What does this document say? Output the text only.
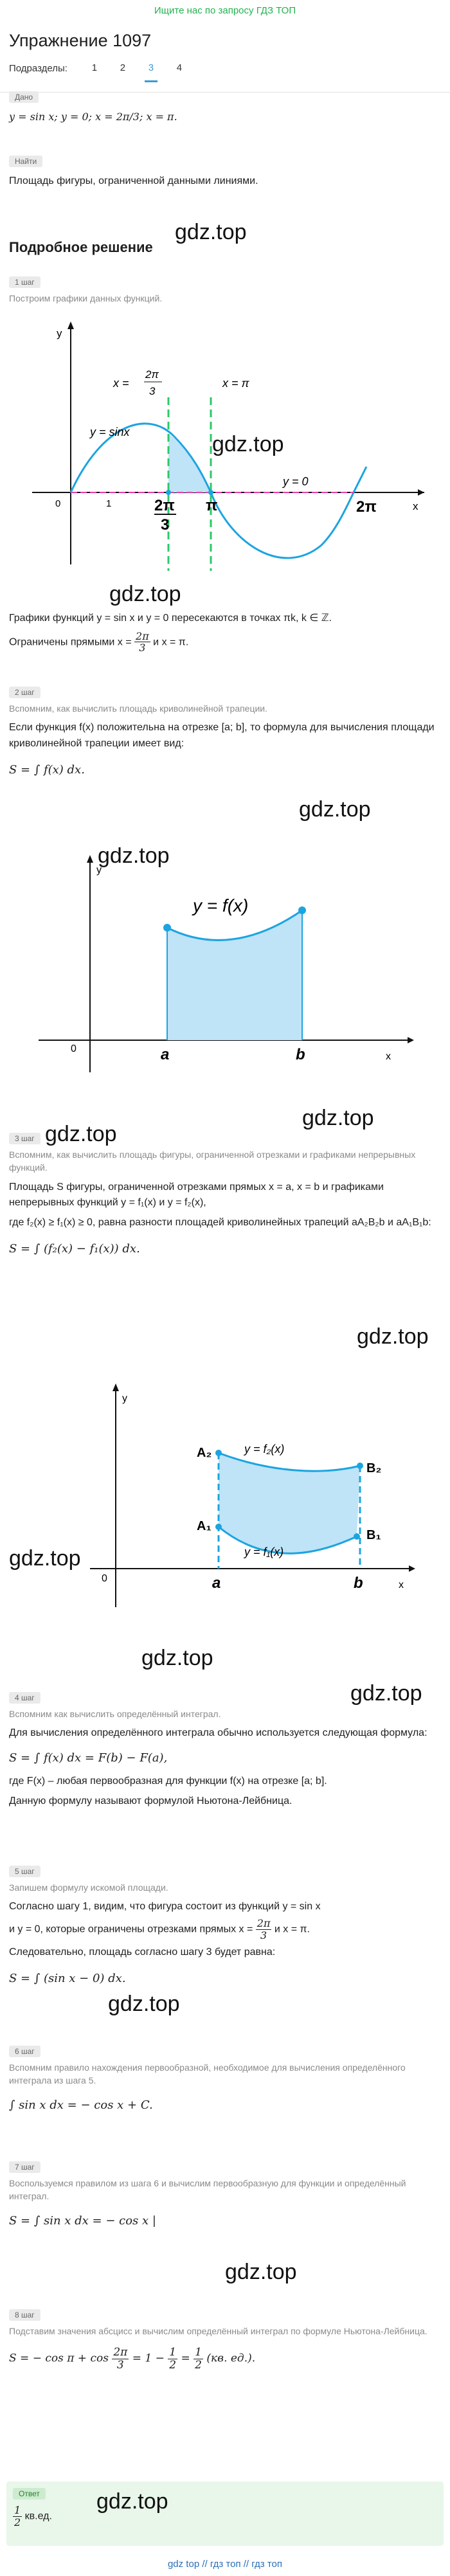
Ищите нас по запросу ГДЗ ТОП
Упражнение 1097
Подразделы:	1	2	3	4
Дано
y = sin x; y = 0; x = 2π/3; x = π.
Найти
Площадь фигуры, ограниченной данными линиями.
gdz.top
Подробное решение
1 шаг
Построим графики данных функций.
y
x
0	1
y = sinx
y = 0
x =
2π
3
x = π
2π
3
π	2π
gdz.top
gdz.top
Графики функций y = sin x и y = 0 пересекаются в точках πk, k ∈ ℤ.
Ограничены прямыми $x = \frac{2\pi}{3}$ и x = π.
2 шаг
Вспомним, как вычислить площадь криволинейной трапеции.
Если функция f(x) положительна на отрезке [a; b], то формула для вычисления площади криволинейной трапеции имеет вид:
S = ∫ f(x) dx.
gdz.top
y
x
0
y = f(x)
a	b
gdz.top
gdz.top
3 шаг
Вспомним, как вычислить площадь фигуры, ограниченной отрезками и графиками непрерывных функций.
Площадь S фигуры, ограниченной отрезками прямых x = a, x = b и графиками непрерывных функций y = f₁(x) и y = f₂(x),
где f₂(x) ≥ f₁(x) ≥ 0, равна разности площадей криволинейных трапеций aA₂B₂b и aA₁B₁b:
S = ∫ (f₂(x) − f₁(x)) dx.
gdz.top
gdz.top
y
x
0
A₂
B₂
A₁
B₁
y = f₂(x)
y = f₁(x)
a	b
gdz.top
gdz.top
4 шаг
Вспомним как вычислить определённый интеграл.
Для вычисления определённого интеграла обычно используется следующая формула:
S = ∫ f(x) dx = F(b) − F(a),
где F(x) – любая первообразная для функции f(x) на отрезке [a; b].
Данную формулу называют формулой Ньютона-Лейбница.
gdz.top
5 шаг
Запишем формулу искомой площади.
Согласно шагу 1, видим, что фигура состоит из функций y = sin x
и y = 0, которые ограничены отрезками прямых $x = \frac{2\pi}{3}$ и x = π.
Следовательно, площадь согласно шагу 3 будет равна:
S = ∫ (sin x − 0) dx.
gdz.top
6 шаг
Вспомним правило нахождения первообразной, необходимое для вычисления определённого интеграла из шага 5.
∫ sin x dx = − cos x + C.
7 шаг
Воспользуемся правилом из шага 6 и вычислим первообразную для функции и определённый интеграл.
S = ∫ sin x dx = − cos x |
gdz.top
8 шаг
Подставим значения абсцисс и вычислим определённый интеграл по формуле Ньютона-Лейбница.
S = − $\cos \pi + \cos \frac{2\pi}{3} = 1 - \frac{1}{2} = \frac{1}{2} (кв$. ед.).
Ответ
$\frac{1}{2} кв.ед$.
gdz.top
gdz top // гдз топ // гдз топ
